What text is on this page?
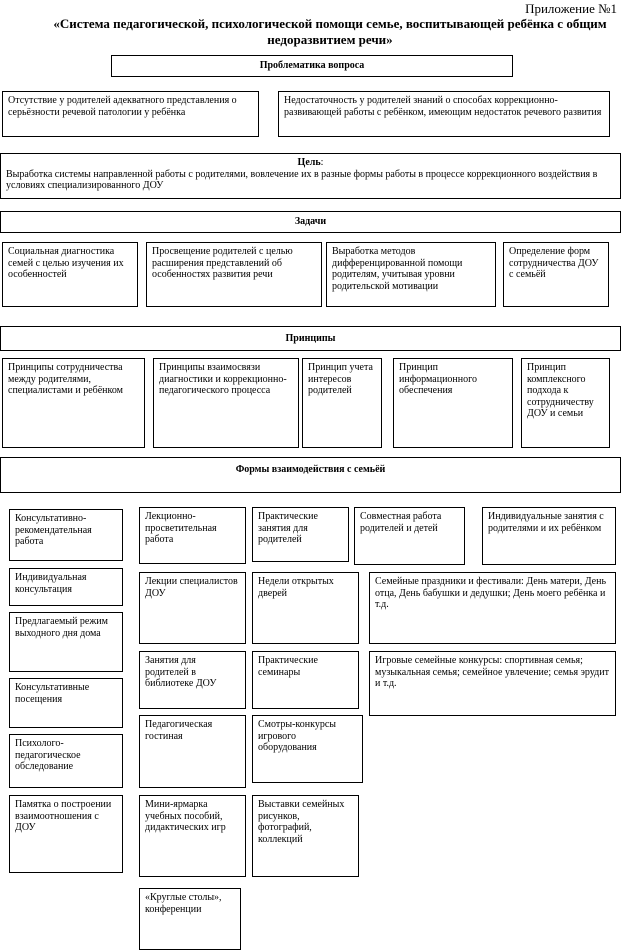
Приложение №1
«Система педагогической, психологической помощи семье, воспитывающей ребёнка с общим недоразвитием речи»
Проблематика вопроса
Отсутствие у родителей адекватного представления о серьёзности речевой патологии у ребёнка
Недостаточность у родителей знаний о способах коррекционно-развивающей работы с ребёнком, имеющим недостаток речевого развития
Цель:
Выработка системы направленной работы с родителями, вовлечение их в разные формы работы в процессе коррекционного воздействия в условиях специализированного ДОУ
Задачи
Социальная диагностика семей с целью изучения их особенностей
Просвещение родителей с целью расширения представлений об особенностях развития речи
Выработка методов дифференцированной помощи родителям, учитывая уровни родительской мотивации
Определение форм сотрудничества ДОУ с семьёй
Принципы
Принципы сотрудничества между родителями, специалистами и ребёнком
Принципы взаимосвязи диагностики и коррекционно-педагогического процесса
Принцип учета интересов родителей
Принцип информационного обеспечения
Принцип комплексного подхода к сотрудничеству ДОУ и семьи
Формы взаимодействия с семьёй
Консультативно-рекомендательная работа
Индивидуальная консультация
Предлагаемый режим выходного дня дома
Консультативные посещения
Психолого-педагогическое обследование
Памятка о построении взаимоотношения с ДОУ
Лекционно-просветительная работа
Лекции специалистов ДОУ
Занятия для родителей в библиотеке ДОУ
Педагогическая гостиная
Мини-ярмарка учебных пособий, дидактических игр
«Круглые столы», конференции
Практические занятия для родителей
Недели открытых дверей
Практические семинары
Смотры-конкурсы игрового оборудования
Выставки семейных рисунков, фотографий, коллекций
Совместная работа родителей и детей
Индивидуальные занятия с родителями и их ребёнком
Семейные праздники и фестивали: День матери, День отца, День бабушки и дедушки; День моего ребёнка и т.д.
Игровые семейные конкурсы: спортивная семья; музыкальная семья; семейное увлечение; семья эрудит и т.д.
